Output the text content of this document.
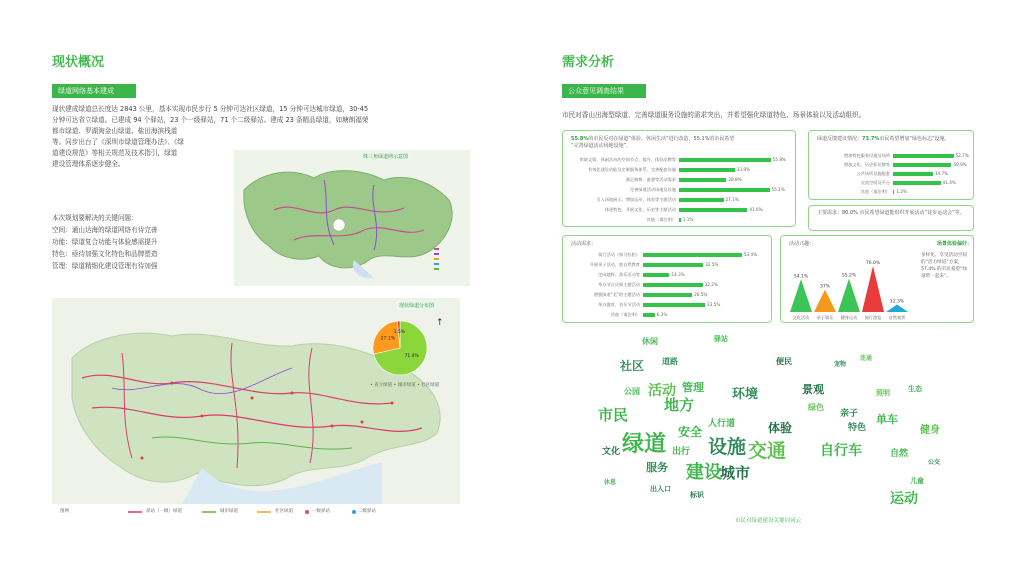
现状概况
绿道网络基本建成

现状建成绿道总长度达 2843 公里，基本实现市民步行 5 分钟可达社区绿道，15 分钟可达城市绿道，30-45

分钟可达省立绿道。已建成 94 个驿站，23 个一级驿站，71 个二级驿站。建成 23 条精品绿道，如塘朗福荣

都市绿道、罗湖淘金山绿道、盐田海滨栈道

等。同步出台了《深圳市绿道管理办法》、《绿

道建设规范》等相关规范及技术指引，绿道

建设管理体系逐步健全。

本次规划要解决的关键问题：

空间：通山达海的绿道网络有待完善

功能：绿道复合功能与体验感需提升

特色：亟待加强文化特色和品牌塑造

管理：绿道精细化建设管理有待加强

珠三角绿道网示意图
现状绿道分布图
71.4%
27.1%
1.5%
↑
• 省立绿道 • 城市绿道 • 社区绿道
图例	驿站（一级）绿道	城市绿道	社区绿道	一级驿站	二级驿站
需求分析
公众意见调查结果
市民对香山出海型绿道、完善绿道服务设施的需求突出，并希望强化绿道特色、场景体验以及活动组织。
55.8%的市民反对在绿道“体验、休闲生活”进行改造，55.1%的市民希望
“完善绿道活动场地设施”。
串联文娱、休闲活动的空间节点，提升、体验品牌等	55.8%
有效化建设功能及定制服务体系，完善配套设施	33.9%
满足购物、游憩等活动需求	28.8%
完善绿道活动场地及设施	55.1%
引入场地展示，增加运动、体验等主题活动	27.1%
体现特色，开展文化、历史等主题活动	41.6%
其他（请注明） 1.1%
绿道反馈建议情况：73.7%市民希望增加“绿色标志”设施。
增加特色服务设施及场所	52.7%
增加文化、历史标识牌等	50.9%
公共场所设施配套	34.7%
交流空间及平台	41.4%
其他（请注明） 1.2%
主要需求：80.0% 市民希望绿道能组织开展活动“徒步运动会”等。
活动需求：
骑行活动（如马拉松）	53.4%
开展亲子活动，如自然教育	32.5%
定向越野、游乐活动等	14.3%
举办节日庆典主题活动	32.2%
增强绿道“美”的主题活动	26.5%
举办露营、音乐节活动	33.5%
其他（请注明）	6.3%
活动兴趣：
54.1%
文化活动
37%
亲子娱乐
55.2%
健身运动
76.0%
骑行游览
12.3%
自然观赏
场景体验偏好：
多样化、享受活动空间的“活力绿道”方案，57.4% 的市民希望“绿道带一起来”。
绿道 设施 交通
建设
城市
市民
地方
自行车
活动
运动
环境
安全	体验
社区
管理
服务
单车
景观
健身
特色
出行
文化	自然
亲子
人行道
道路
绿色
公园
便民
休闲
出入口
驿站
照明
标识
生态
公交
儿童
连通
宠物
休息
市民对绿道建设关键词词云
